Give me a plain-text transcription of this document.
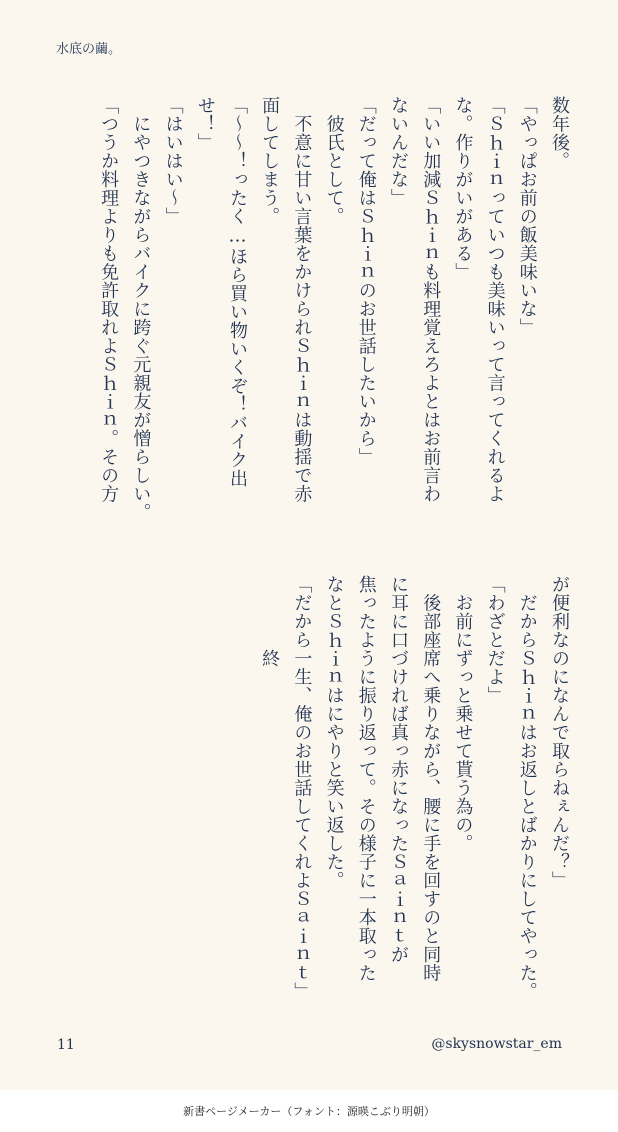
水底の繭。

数年後。

「やっぱお前の飯美味いな」

「Ｓｈｉｎっていつも美味いって言ってくれるよ

な。作りがいがある」

「いい加減Ｓｈｉｎも料理覚えろよとはお前言わ

ないんだな」

「だって俺はＳｈｉｎのお世話したいから」

　彼氏として。

　不意に甘い言葉をかけられＳｈｉｎは動揺で赤

面してしまう。

「〜〜！ったく…ほら買い物いくぞ！バイク出

せ！」

「はいはい〜」

　にやつきながらバイクに跨ぐ元親友が憎らしい。

「つうか料理よりも免許取れよＳｈｉｎ。その方

が便利なのになんで取らねぇんだ？」

　だからＳｈｉｎはお返しとばかりにしてやった。

「わざとだよ」

　お前にずっと乗せて貰う為の。

　後部座席へ乗りながら、腰に手を回すのと同時

に耳に口づければ真っ赤になったＳａｉｎｔが

焦ったように振り返って。その様子に一本取った

なとＳｈｉｎはにやりと笑い返した。

「だから一生、俺のお世話してくれよＳａｉｎｔ」

　　　　終

11	@skysnowstar_em
新書ページメーカー（フォント：源暎こぶり明朝）
